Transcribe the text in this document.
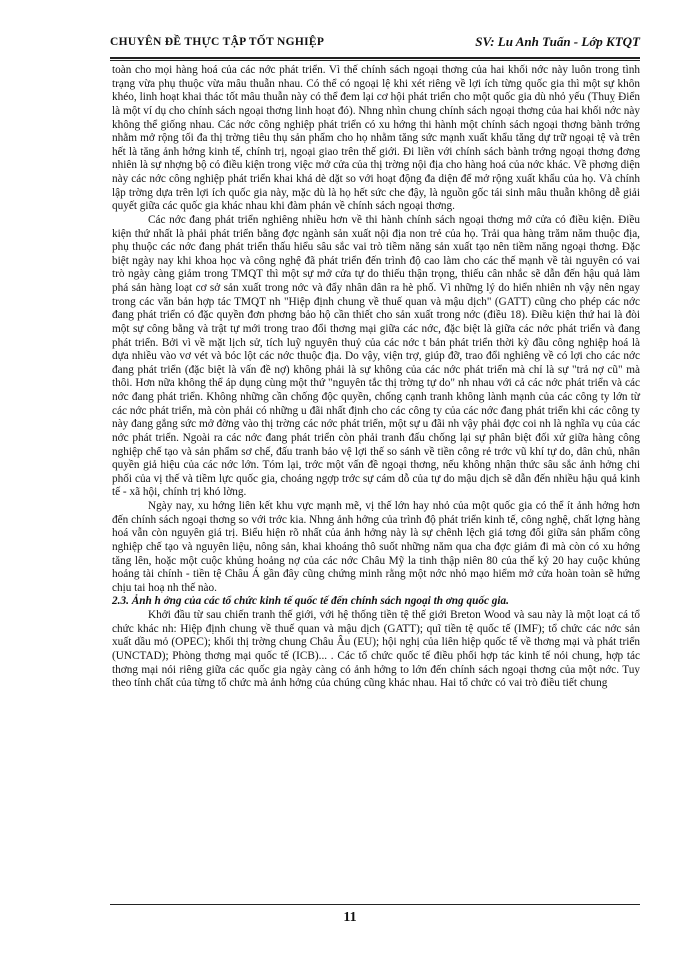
CHUYÊN ĐỀ THỰC TẬP TỐT NGHIỆP	SV: Lu Anh Tuấn - Lớp KTQT

toàn cho mọi hàng hoá của các nớc phát triển. Vì thế chính sách ngoại thơng của hai khối nớc này luôn trong tình trạng vừa phụ thuộc vừa mâu thuẫn nhau. Có thể có ngoại lệ khi xét riêng về lợi ích từng quốc gia thì một sự khôn khéo, linh hoạt khai thác tốt mâu thuẫn này có thể đem lại cơ hội phát triển cho một quốc gia dù nhỏ yếu (Thuỵ Điển là một ví dụ cho chính sách ngoại thơng linh hoạt đó). Nhng nhìn chung chính sách ngoại thơng của hai khối nớc này không thể giống nhau. Các nớc công nghiệp phát triển có xu hớng thi hành một chính sách ngoại thơng bành trớng nhằm mở rộng tối đa thị trờng tiêu thụ sản phẩm cho họ nhằm tăng sức mạnh xuất khẩu tăng dự trữ ngoại tệ và trên hết là tăng ảnh hởng kinh tế, chính trị, ngoại giao trên thế giới. Đi liền với chính sách bành trớng ngoại thơng đơng nhiên là sự nhợng bộ có điều kiện trong việc mở cửa của thị trờng nội địa cho hàng hoá của nớc khác. Về phơng diện này các nớc công nghiệp phát triển khai khá dè dặt so với hoạt động đa diện để mở rộng xuất khẩu của họ. Và chính lập trờng dựa trên lợi ích quốc gia này, mặc dù là họ hết sức che đậy, là nguồn gốc tái sinh mâu thuẫn không dễ giải quyết giữa các quốc gia khác nhau khi đàm phán về chính sách ngoại thơng.

Các nớc đang phát triển nghiêng nhiều hơn về thi hành chính sách ngoại thơng mở cửa có điều kiện. Điều kiện thứ nhất là phải phát triển bằng đợc ngành sản xuất nội địa non trẻ của họ. Trải qua hàng trăm năm thuộc địa, phụ thuộc các nớc đang phát triển thấu hiểu sâu sắc vai trò tiềm năng sản xuất tạo nên tiềm năng ngoại thơng. Đặc biệt ngày nay khi khoa học và công nghệ đã phát triển đến trình độ cao làm cho các thế mạnh về tài nguyên có vai trò ngày càng giảm trong TMQT thì một sự mở cửa tự do thiếu thận trọng, thiếu cân nhắc sẽ dẫn đến hậu quả làm phá sản hàng loạt cơ sở sản xuất trong nớc và đẩy nhân dân ra hè phố. Vì những lý do hiển nhiên nh vậy nên ngay trong các văn bản hợp tác TMQT nh "Hiệp định chung về thuế quan và mậu dịch" (GATT) cũng cho phép các nớc đang phát triển có đặc quyền đơn phơng bảo hộ cần thiết cho sản xuất trong nớc (điều 18). Điều kiện thứ hai là đòi một sự công bằng và trật tự mới trong trao đổi thơng mại giữa các nớc, đặc biệt là giữa các nớc phát triển và đang phát triển. Bởi vì về mặt lịch sử, tích luỹ nguyên thuỷ của các nớc t bản phát triển thời kỳ đầu công nghiệp hoá là dựa nhiều vào vơ vét và bóc lột các nớc thuộc địa. Do vậy, viện trợ, giúp đỡ, trao đổi nghiêng về có lợi cho các nớc đang phát triển (đặc biệt là vấn đề nợ) không phải là sự không của các nớc phát triển mà chỉ là sự "trả nợ cũ" mà thôi. Hơn nữa không thể áp dụng cùng một thứ "nguyên tắc thị trờng tự do" nh nhau với cả các nớc phát triển và các nớc đang phát triển. Không những cần chống độc quyền, chống cạnh tranh không lành mạnh của các công ty lớn từ các nớc phát triển, mà còn phải có những u đãi nhất định cho các công ty của các nớc đang phát triển khi các công ty này đang gắng sức mở đờng vào thị trờng các nớc phát triển, một sự u đãi nh vậy phải đợc coi nh là nghĩa vụ của các nớc phát triển. Ngoài ra các nớc đang phát triển còn phải tranh đấu chống lại sự phân biệt đối xử giữa hàng công nghiệp chế tạo và sản phẩm sơ chế, đấu tranh bảo vệ lợi thế so sánh về tiền công rẻ trớc vũ khí tự do, dân chủ, nhân quyền giả hiệu của các nớc lớn. Tóm lại, trớc một vấn đề ngoại thơng, nếu không nhận thức sâu sắc ảnh hởng chi phối của vị thế và tiềm lực quốc gia, choáng ngợp trớc sự cám dỗ của tự do mậu dịch sẽ dẫn đến nhiều hậu quả kinh tế - xã hội, chính trị khó lờng.

Ngày nay, xu hớng liên kết khu vực mạnh mẽ, vị thế lớn hay nhỏ của một quốc gia có thể ít ảnh hởng hơn đến chính sách ngoại thơng so với trớc kia. Nhng ảnh hởng của trình độ phát triển kinh tế, công nghệ, chất lợng hàng hoá vẫn còn nguyên giá trị. Biểu hiện rõ nhất của ảnh hởng này là sự chênh lệch giá tơng đối giữa sản phẩm công nghiệp chế tạo và nguyên liệu, nông sản, khai khoáng thô suốt những năm qua cha đợc giảm đi mà còn có xu hớng tăng lên, hoặc một cuộc khủng hoảng nợ của các nớc Châu Mỹ la tinh thập niên 80 của thế kỷ 20 hay cuộc khủng hoảng tài chính - tiền tệ Châu Á gần đây cũng chứng minh rằng một nớc nhỏ mạo hiểm mở cửa hoàn toàn sẽ hứng chịu tai hoạ nh thế nào.

2.3. Ảnh h ởng của các tổ chức kinh tế quốc tế đến chính sách ngoại th ơng quốc gia.

Khởi đầu từ sau chiến tranh thế giới, với hệ thống tiền tệ thế giới Breton Wood và sau này là một loạt cá tổ chức khác nh: Hiệp định chung về thuế quan và mậu dịch (GATT); quĩ tiền tệ quốc tế (IMF); tổ chức các nớc sản xuất dầu mỏ (OPEC); khối thị trờng chung Châu Âu (EU); hội nghị của liên hiệp quốc tế về thơng mại và phát triển (UNCTAD); Phòng thơng mại quốc tế (ICB)... . Các tổ chức quốc tế điều phối hợp tác kinh tế nói chung, hợp tác thơng mại nói riêng giữa các quốc gia ngày càng có ảnh hởng to lớn đến chính sách ngoại thơng của một nớc. Tuy theo tính chất của từng tổ chức mà ảnh hởng của chúng cũng khác nhau. Hai tổ chức có vai trò điều tiết chung

11
